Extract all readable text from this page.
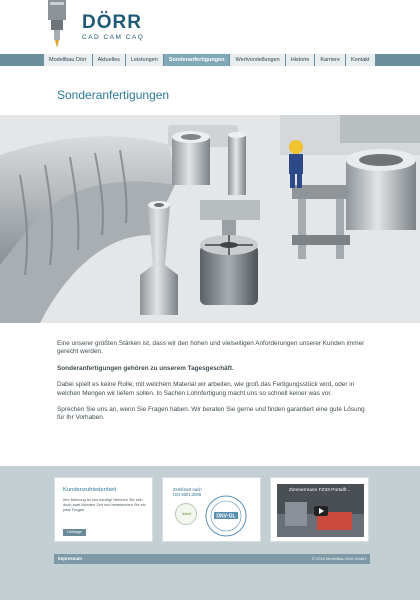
DÖRR
CAD CAM CAQ
Modellbau Dörr	Aktuelles	Leistungen	Sonderanfertigungen	Wertvorstellungen	Historie	Karriere	Kontakt
Sonderanfertigungen

Eine unserer größten Stärken ist, dass wir den hohen und vielseitigen Anforderungen unserer Kunden immer gerecht werden.

Sonderanfertigungen gehören zu unserem Tagesgeschäft.

Dabei spielt es keine Rolle, mit welchem Material wir arbeiten, wie groß das Fertigungsstück wird, oder in welchen Mengen wir liefern sollen. In Sachen Lohnfertigung macht uns so schnell keiner was vor.

Sprechen Sie uns an, wenn Sie Fragen haben. Wir beraten Sie gerne und finden garantiert eine gute Lösung für Ihr Vorhaben.

Kundenzufriedenheit
Ihre Meinung ist uns wichtig! Nehmen Sie sich doch zwei Minuten Zeit und beantworten Sie ein paar Fragen
Umfrage
Zertifiziert nach
ISO 9001:2008
klick!	DNV·GL
Zimmermann FZ33 Portalfr...
Impressum	© 2016 Modellbau Dörr GmbH
